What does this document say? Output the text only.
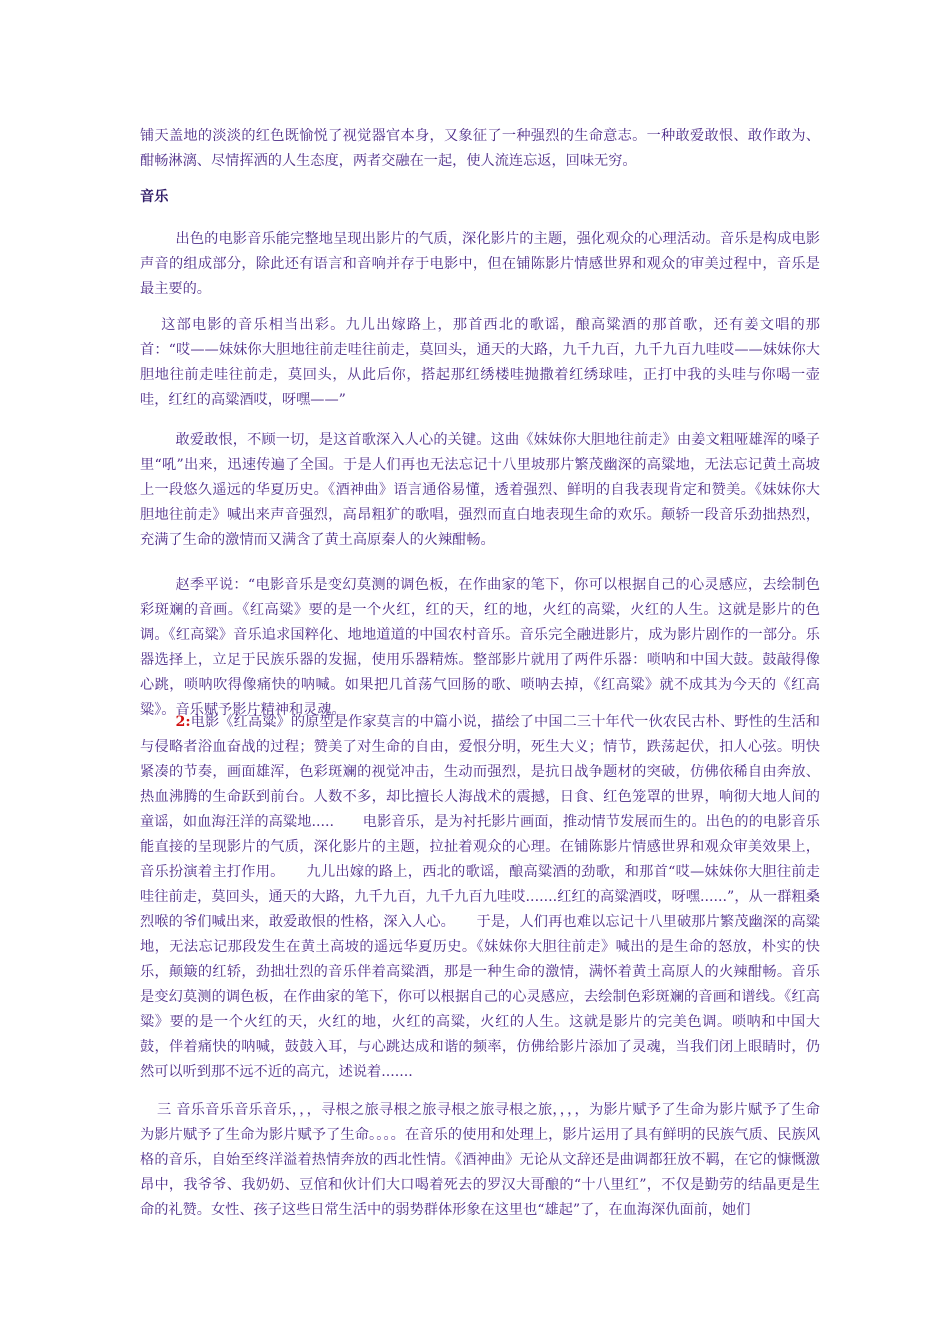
铺天盖地的淡淡的红色既愉悦了视觉器官本身，又象征了一种强烈的生命意志。一种敢爱敢恨、敢作敢为、酣畅淋漓、尽情挥洒的人生态度，两者交融在一起，使人流连忘返，回味无穷。

音乐

出色的电影音乐能完整地呈现出影片的气质，深化影片的主题，强化观众的心理活动。音乐是构成电影声音的组成部分，除此还有语言和音响并存于电影中，但在铺陈影片情感世界和观众的审美过程中，音乐是最主要的。

这部电影的音乐相当出彩。九儿出嫁路上，那首西北的歌谣，酿高粱酒的那首歌，还有姜文唱的那首：“哎——妹妹你大胆地往前走哇往前走，莫回头，通天的大路，九千九百，九千九百九哇哎——妹妹你大胆地往前走哇往前走，莫回头，从此后你，搭起那红绣楼哇抛撒着红绣球哇，正打中我的头哇与你喝一壶哇，红红的高粱酒哎，呀嘿——”

敢爱敢恨，不顾一切，是这首歌深入人心的关键。这曲《妹妹你大胆地往前走》由姜文粗哑雄浑的嗓子里“吼”出来，迅速传遍了全国。于是人们再也无法忘记十八里坡那片繁茂幽深的高粱地，无法忘记黄土高坡上一段悠久遥远的华夏历史。《酒神曲》语言通俗易懂，透着强烈、鲜明的自我表现肯定和赞美。《妹妹你大胆地往前走》喊出来声音强烈，高昂粗犷的歌唱，强烈而直白地表现生命的欢乐。颠轿一段音乐劲拙热烈，充满了生命的激情而又满含了黄土高原秦人的火辣酣畅。

赵季平说：“电影音乐是变幻莫测的调色板，在作曲家的笔下，你可以根据自己的心灵感应，去绘制色彩斑斓的音画。《红高粱》要的是一个火红，红的天，红的地，火红的高粱，火红的人生。这就是影片的色调。《红高粱》音乐追求国粹化、地地道道的中国农村音乐。音乐完全融进影片，成为影片剧作的一部分。乐器选择上，立足于民族乐器的发掘，使用乐器精炼。整部影片就用了两件乐器：唢呐和中国大鼓。鼓敲得像心跳，唢呐吹得像痛快的呐喊。如果把几首荡气回肠的歌、唢呐去掉，《红高粱》就不成其为今天的《红高粱》。音乐赋予影片精神和灵魂。

2:电影《红高粱》的原型是作家莫言的中篇小说，描绘了中国二三十年代一伙农民古朴、野性的生活和与侵略者浴血奋战的过程；赞美了对生命的自由，爱恨分明，死生大义；情节，跌荡起伏，扣人心弦。明快紧凑的节奏，画面雄浑，色彩斑斓的视觉冲击，生动而强烈，是抗日战争题材的突破，仿佛依稀自由奔放、热血沸腾的生命跃到前台。人数不多，却比擅长人海战术的震撼，日食、红色笼罩的世界，响彻大地人间的童谣，如血海汪洋的高粱地.....　　电影音乐，是为衬托影片画面，推动情节发展而生的。出色的的电影音乐能直接的呈现影片的气质，深化影片的主题，拉扯着观众的心理。在铺陈影片情感世界和观众审美效果上，音乐扮演着主打作用。　　九儿出嫁的路上，西北的歌谣，酿高粱酒的劲歌，和那首“哎—妹妹你大胆往前走哇往前走，莫回头，通天的大路，九千九百，九千九百九哇哎.......红红的高粱酒哎，呀嘿......”，从一群粗桑烈喉的爷们喊出来，敢爱敢恨的性格，深入人心。　　于是，人们再也难以忘记十八里破那片繁茂幽深的高粱地，无法忘记那段发生在黄土高坡的遥远华夏历史。《妹妹你大胆往前走》喊出的是生命的怒放，朴实的快乐，颠簸的红轿，劲拙壮烈的音乐伴着高粱酒，那是一种生命的激情，满怀着黄土高原人的火辣酣畅。音乐是变幻莫测的调色板，在作曲家的笔下，你可以根据自己的心灵感应，去绘制色彩斑斓的音画和谱线。《红高粱》要的是一个火红的天，火红的地，火红的高粱，火红的人生。这就是影片的完美色调。唢呐和中国大鼓，伴着痛快的呐喊，鼓鼓入耳，与心跳达成和谐的频率，仿佛给影片添加了灵魂，当我们闭上眼睛时，仍然可以听到那不远不近的高亢，述说着.......

三 音乐音乐音乐音乐，，，寻根之旅寻根之旅寻根之旅寻根之旅，，，，为影片赋予了生命为影片赋予了生命为影片赋予了生命为影片赋予了生命。。。。在音乐的使用和处理上，影片运用了具有鲜明的民族气质、民族风格的音乐，自始至终洋溢着热情奔放的西北性情。《酒神曲》无论从文辞还是曲调都狂放不羁，在它的慷慨激昂中，我爷爷、我奶奶、豆倌和伙计们大口喝着死去的罗汉大哥酿的“十八里红”，不仅是勤劳的结晶更是生命的礼赞。女性、孩子这些日常生活中的弱势群体形象在这里也“雄起”了，在血海深仇面前，她们
